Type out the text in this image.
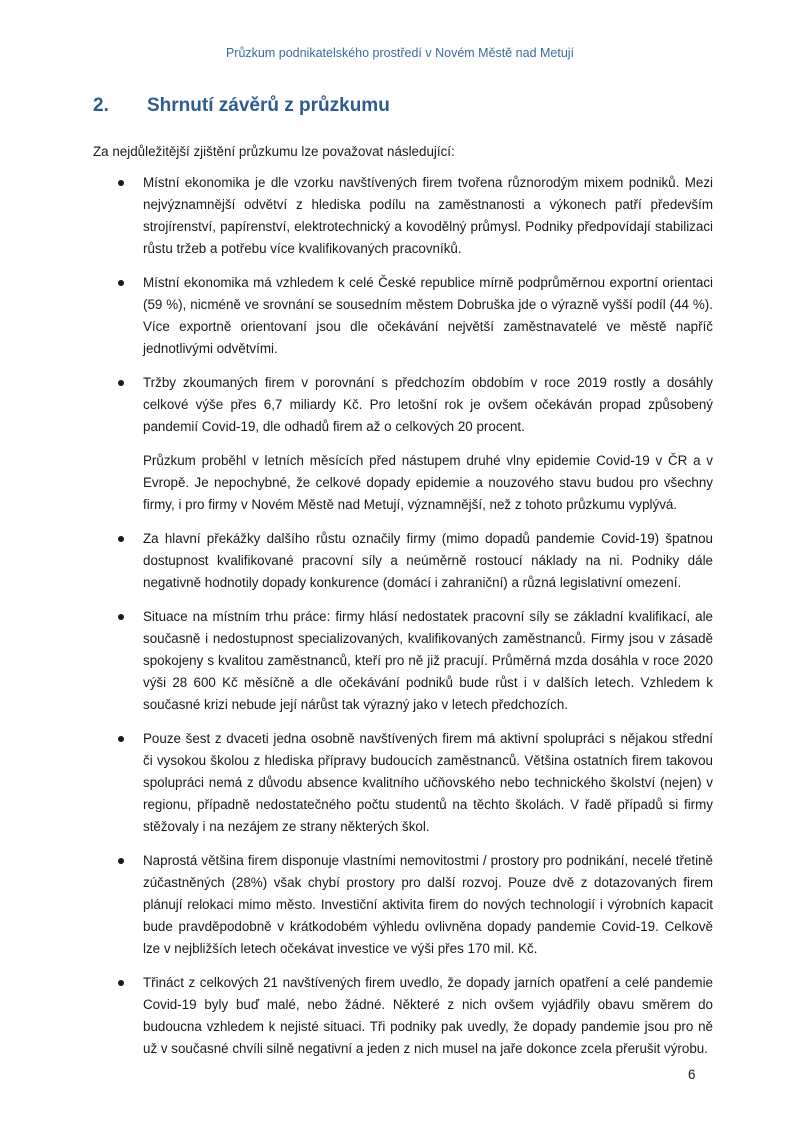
Průzkum podnikatelského prostředí v Novém Městě nad Metují
2. Shrnutí závěrů z průzkumu
Za nejdůležitější zjištění průzkumu lze považovat následující:

Místní ekonomika je dle vzorku navštívených firem tvořena různorodým mixem podniků. Mezi nejvýznamnější odvětví z hlediska podílu na zaměstnanosti a výkonech patří především strojírenství, papírenství, elektrotechnický a kovodělný průmysl. Podniky předpovídají stabilizaci růstu tržeb a potřebu více kvalifikovaných pracovníků.

Místní ekonomika má vzhledem k celé České republice mírně podprůměrnou exportní orientaci (59 %), nicméně ve srovnání se sousedním městem Dobruška jde o výrazně vyšší podíl (44 %). Více exportně orientovaní jsou dle očekávání největší zaměstnavatelé ve městě napříč jednotlivými odvětvími.

Tržby zkoumaných firem v porovnání s předchozím obdobím v roce 2019 rostly a dosáhly celkové výše přes 6,7 miliardy Kč. Pro letošní rok je ovšem očekáván propad způsobený pandemií Covid-19, dle odhadů firem až o celkových 20 procent.

Průzkum proběhl v letních měsících před nástupem druhé vlny epidemie Covid-19 v ČR a v Evropě. Je nepochybné, že celkové dopady epidemie a nouzového stavu budou pro všechny firmy, i pro firmy v Novém Městě nad Metují, významnější, než z tohoto průzkumu vyplývá.

Za hlavní překážky dalšího růstu označily firmy (mimo dopadů pandemie Covid-19) špatnou dostupnost kvalifikované pracovní síly a neúměrně rostoucí náklady na ni. Podniky dále negativně hodnotily dopady konkurence (domácí i zahraniční) a různá legislativní omezení.

Situace na místním trhu práce: firmy hlásí nedostatek pracovní síly se základní kvalifikací, ale současně i nedostupnost specializovaných, kvalifikovaných zaměstnanců. Firmy jsou v zásadě spokojeny s kvalitou zaměstnanců, kteří pro ně již pracují. Průměrná mzda dosáhla v roce 2020 výši 28 600 Kč měsíčně a dle očekávání podniků bude růst i v dalších letech. Vzhledem k současné krizi nebude její nárůst tak výrazný jako v letech předchozích.

Pouze šest z dvaceti jedna osobně navštívených firem má aktivní spolupráci s nějakou střední či vysokou školou z hlediska přípravy budoucích zaměstnanců. Většina ostatních firem takovou spolupráci nemá z důvodu absence kvalitního učňovského nebo technického školství (nejen) v regionu, případně nedostatečného počtu studentů na těchto školách. V řadě případů si firmy stěžovaly i na nezájem ze strany některých škol.

Naprostá většina firem disponuje vlastními nemovitostmi / prostory pro podnikání, necelé třetině zúčastněných (28%) však chybí prostory pro další rozvoj. Pouze dvě z dotazovaných firem plánují relokaci mimo město. Investiční aktivita firem do nových technologií i výrobních kapacit bude pravděpodobně v krátkodobém výhledu ovlivněna dopady pandemie Covid-19. Celkově lze v nejbližších letech očekávat investice ve výši přes 170 mil. Kč.

Třináct z celkových 21 navštívených firem uvedlo, že dopady jarních opatření a celé pandemie Covid-19 byly buď malé, nebo žádné. Některé z nich ovšem vyjádřily obavu směrem do budoucna vzhledem k nejisté situaci. Tři podniky pak uvedly, že dopady pandemie jsou pro ně už v současné chvíli silně negativní a jeden z nich musel na jaře dokonce zcela přerušit výrobu.

6
